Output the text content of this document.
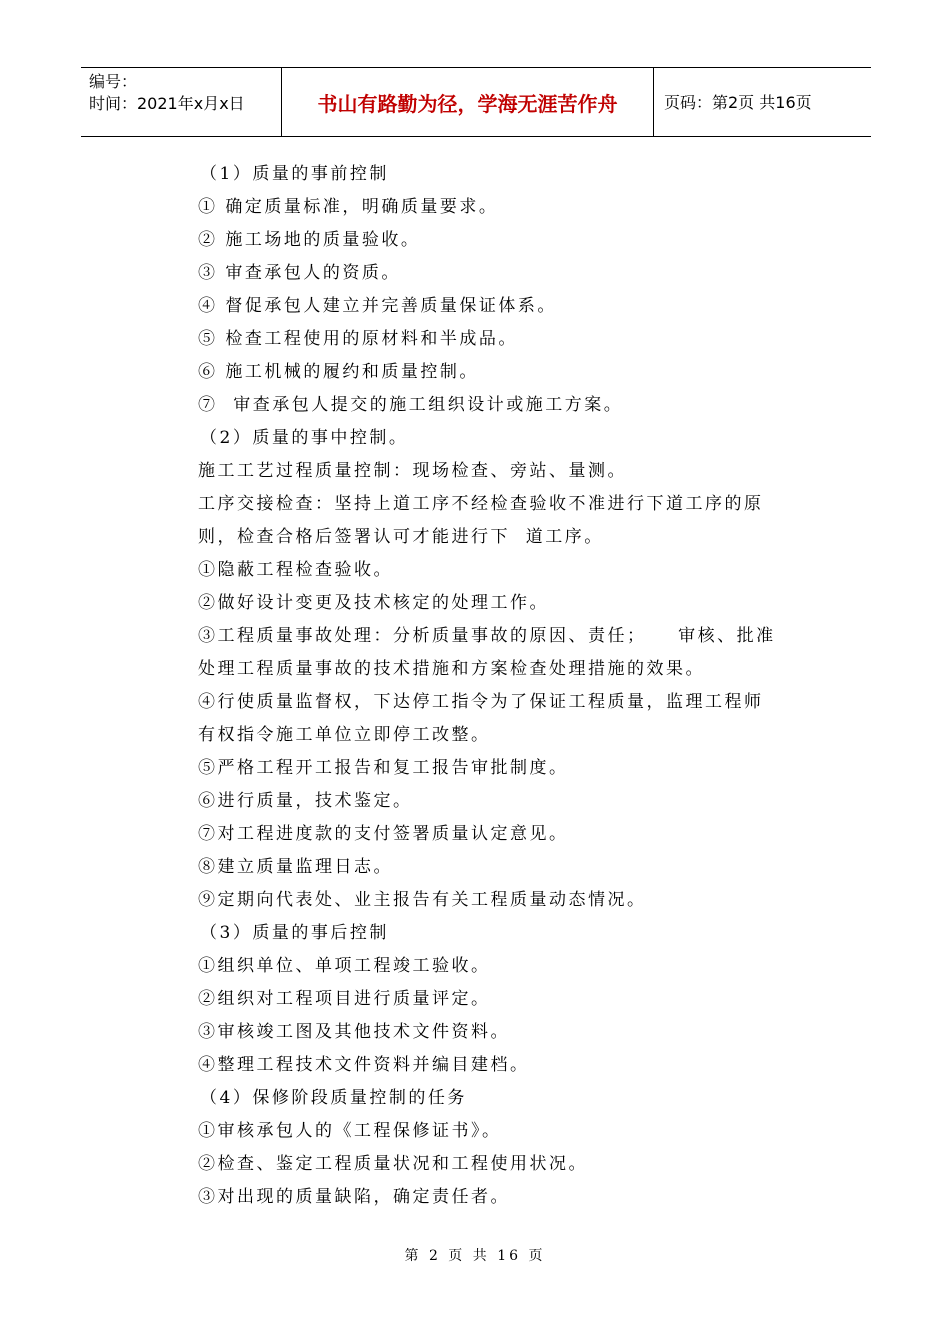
编号：
时间：2021年x月x日	书山有路勤为径，学海无涯苦作舟	页码：第2页 共16页
（1）质量的事前控制
① 确定质量标准，明确质量要求。
② 施工场地的质量验收。
③ 审查承包人的资质。
④ 督促承包人建立并完善质量保证体系。
⑤ 检查工程使用的原材料和半成品。
⑥ 施工机械的履约和质量控制。
⑦  审查承包人提交的施工组织设计或施工方案。
（2）质量的事中控制。
施工工艺过程质量控制：现场检查、旁站、量测。
工序交接检查：坚持上道工序不经检查验收不准进行下道工序的原
则，检查合格后签署认可才能进行下  道工序。
①隐蔽工程检查验收。
②做好设计变更及技术核定的处理工作。
③工程质量事故处理：分析质量事故的原因、责任；    审核、批准
处理工程质量事故的技术措施和方案检查处理措施的效果。
④行使质量监督权，下达停工指令为了保证工程质量，监理工程师
有权指令施工单位立即停工改整。
⑤严格工程开工报告和复工报告审批制度。
⑥进行质量，技术鉴定。
⑦对工程进度款的支付签署质量认定意见。
⑧建立质量监理日志。
⑨定期向代表处、业主报告有关工程质量动态情况。
（3）质量的事后控制
①组织单位、单项工程竣工验收。
②组织对工程项目进行质量评定。
③审核竣工图及其他技术文件资料。
④整理工程技术文件资料并编目建档。
（4）保修阶段质量控制的任务
①审核承包人的《工程保修证书》。
②检查、鉴定工程质量状况和工程使用状况。
③对出现的质量缺陷，确定责任者。
第 2 页 共 16 页
